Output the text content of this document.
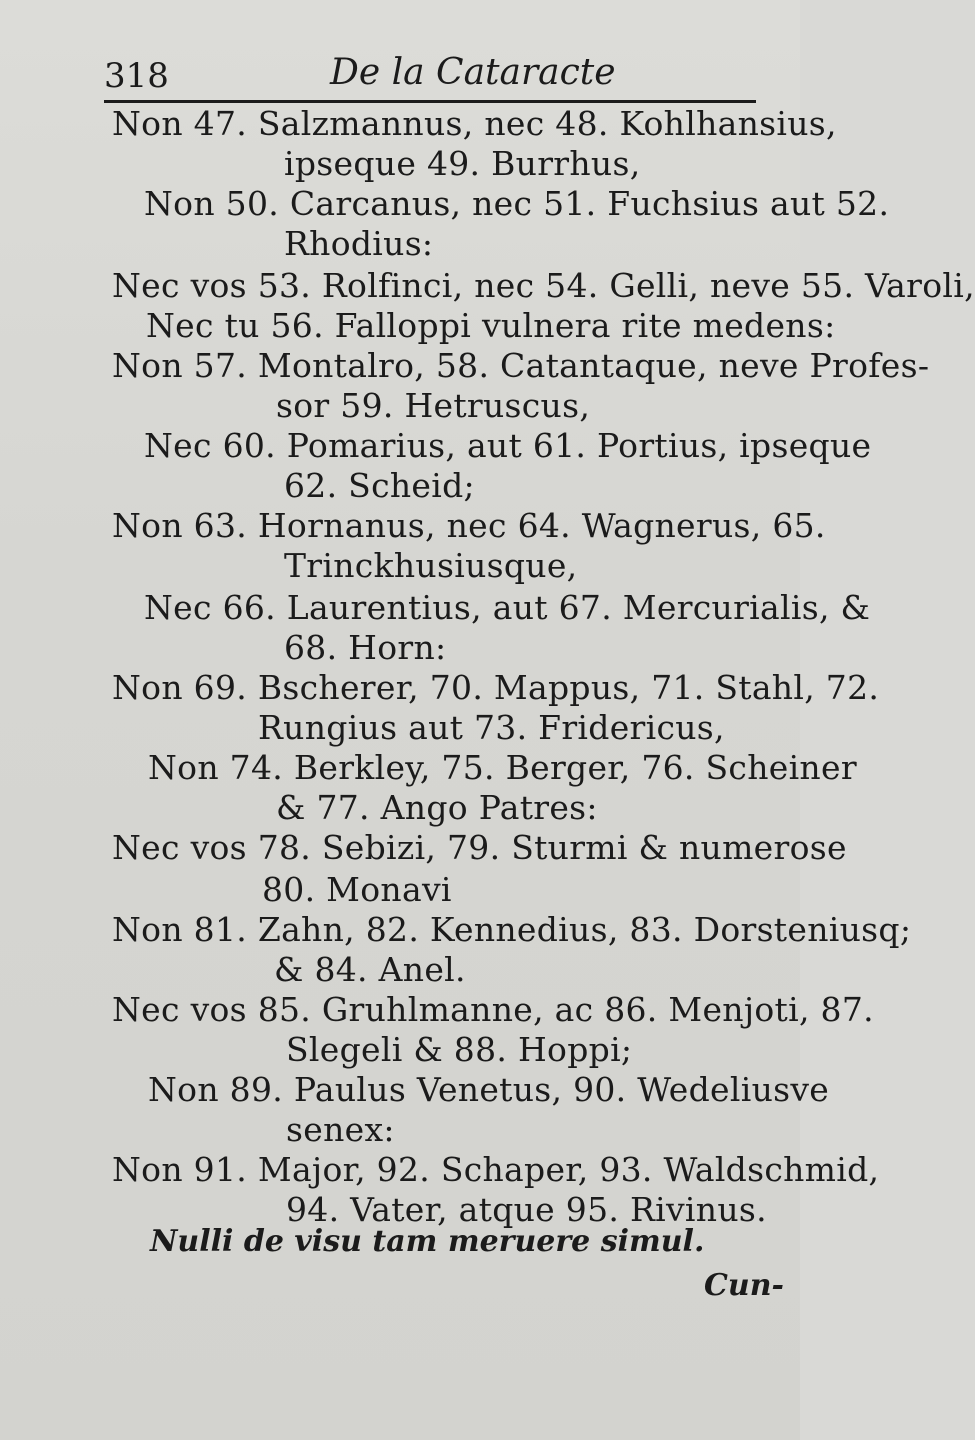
318	De la Cataracte
Non 47. Salzmannus, nec 48. Kohlhansius,
ipseque 49. Burrhus,
Non 50. Carcanus, nec 51. Fuchsius aut 52.
Rhodius:
Nec vos 53. Rolfinci, nec 54. Gelli, neve 55. Varoli,
Nec tu 56. Falloppi vulnera rite medens:
Non 57. Montalro, 58. Catantaque, neve Profes-
sor 59. Hetruscus,
Nec 60. Pomarius, aut 61. Portius, ipseque
62. Scheid;
Non 63. Hornanus, nec 64. Wagnerus, 65.
Trinckhusiusque,
Nec 66. Laurentius, aut 67. Mercurialis, &
68. Horn:
Non 69. Bscherer, 70. Mappus, 71. Stahl, 72.
Rungius aut 73. Fridericus,
Non 74. Berkley, 75. Berger, 76. Scheiner
& 77. Ango Patres:
Nec vos 78. Sebizi, 79. Sturmi & numerose
80. Monavi
Non 81. Zahn, 82. Kennedius, 83. Dorsteniusq;
& 84. Anel.
Nec vos 85. Gruhlmanne, ac 86. Menjoti, 87.
Slegeli & 88. Hoppi;
Non 89. Paulus Venetus, 90. Wedeliusve
senex:
Non 91. Major, 92. Schaper, 93. Waldschmid,
94. Vater, atque 95. Rivinus.
Nulli de visu tam meruere simul.
Cun-
